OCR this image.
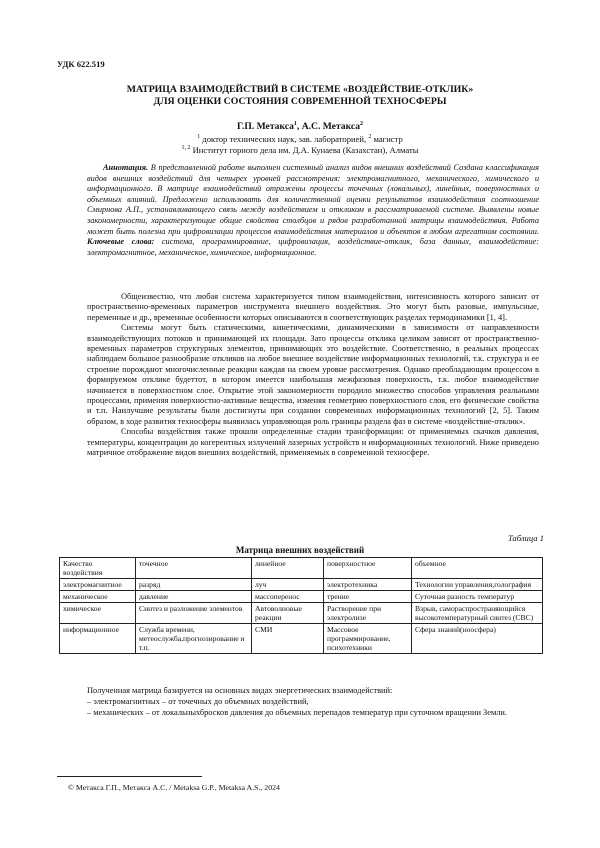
УДК 622.519
МАТРИЦА ВЗАИМОДЕЙСТВИЙ В СИСТЕМЕ «ВОЗДЕЙСТВИЕ-ОТКЛИК»
ДЛЯ ОЦЕНКИ СОСТОЯНИЯ СОВРЕМЕННОЙ ТЕХНОСФЕРЫ
Г.П. Метакса$^1$, А.С. Метакса$^2$
$^1$ доктор технических наук, зав. лабораторией, $^2$ магистр
$^{1, 2}$ Институт горного дела им. Д.А. Кунаева (Казахстан), Алматы
Аннотация. В представленной работе выполнен системный анализ видов внешних воздействий Создана классификация видов внешних воздействий для четырех уровней рассмотрения: электромагнитного, механического, химического и информационного. В матрице взаимодействий отражены процессы точечных (локальных), линейных, поверхностных и объемных влияний. Предложено использовать для количественной оценки результатов взаимодействия соотношение Смирнова А.П., устанавливающего связь между воздействием и откликом в рассматриваемой системе. Выявлены новые закономерности, характеризующие общие свойства столбцов и рядов разработанной матрицы взаимодействия. Работа может быть полезна при цифровизации процессов взаимодействия материалов и объектов в любом агрегатном состоянии. Ключевые слова: система, программирование, цифровизация, воздействие-отклик, база данных, взаимодействие: электромагнитное, механическое, химическое, информационное.

Общеизвестно, что любая система характеризуется типом взаимодействия, интенсивность которого зависит от пространственно-временных параметров инструмента внешнего воздействия. Это могут быть разовые, импульсные, переменные и др., временные особенности которых описываются в соответствующих разделах термодинамики [1, 4].

Системы могут быть статическими, кинетическими, динамическими в зависимости от направленности взаимодействующих потоков и принимающей их площади. Зато процессы отклика целиком зависят от пространственно-временных параметров структурных элементов, принимающих это воздействие. Соответственно, в реальных процессах наблюдаем большое разнообразие откликов на любое внешнее воздействие информационных технологий, т.к. структура и ее строение порождают многочисленные реакции каждая на своем уровне рассмотрения. Однако преобладающим процессом в формируемом отклике будеттот, в котором имеется наибольшая межфазовая поверхность, т.к. любое взаимодействие начинается в поверхностном слое. Открытие этой закономерности породило множество способов управления реальными процессами, применяя поверхностно-активные вещества, изменяя геометрию поверхностного слоя, его физические свойства и т.п. Наилучшие результаты были достигнуты при создании современных информационных технологий [2, 5]. Таким образом, в ходе развития техносферы выявилась управляющая роль границы раздела фаз в системе «воздействие-отклик».

Способы воздействия также прошли определенные стадии трансформации: от применяемых скачков давления, температуры, концентрации до когерентных излучений лазерных устройств и информационных технологий. Ниже приведено матричное отображение видов внешних воздействий, применяемых в современной техносфере.

Таблица 1
Матрица внешних воздействий
Качество воздействия	точечное	линейное	поверхностное	объемное
электромагнитное	разряд	луч	электротехника	Технологии управления,голография
механическое	давление	массоперенос	трение	Суточная разность температур
химическое	Синтез и разложение элементов	Автоволновые реакции	Растворение при электролизе	Взрыв, самораспространяющийся высокотемпературный синтез (СВС)
информационное	Служба времени, метеослужба,прогнозирование и т.п.	СМИ	Массовое программирование, психотехники	Сфера знаний(ноосфера)

Полученная матрица базируется на основных видах энергетических взаимодействий:

– электромагнитных – от точечных до объемных воздействий,

– механических – от локальныхбросков давления до объемных перепадов температур при суточном вращении Земли.

© Метакса Г.П., Метакса А.С. / Metaksa G.P., Metaksa A.S., 2024
